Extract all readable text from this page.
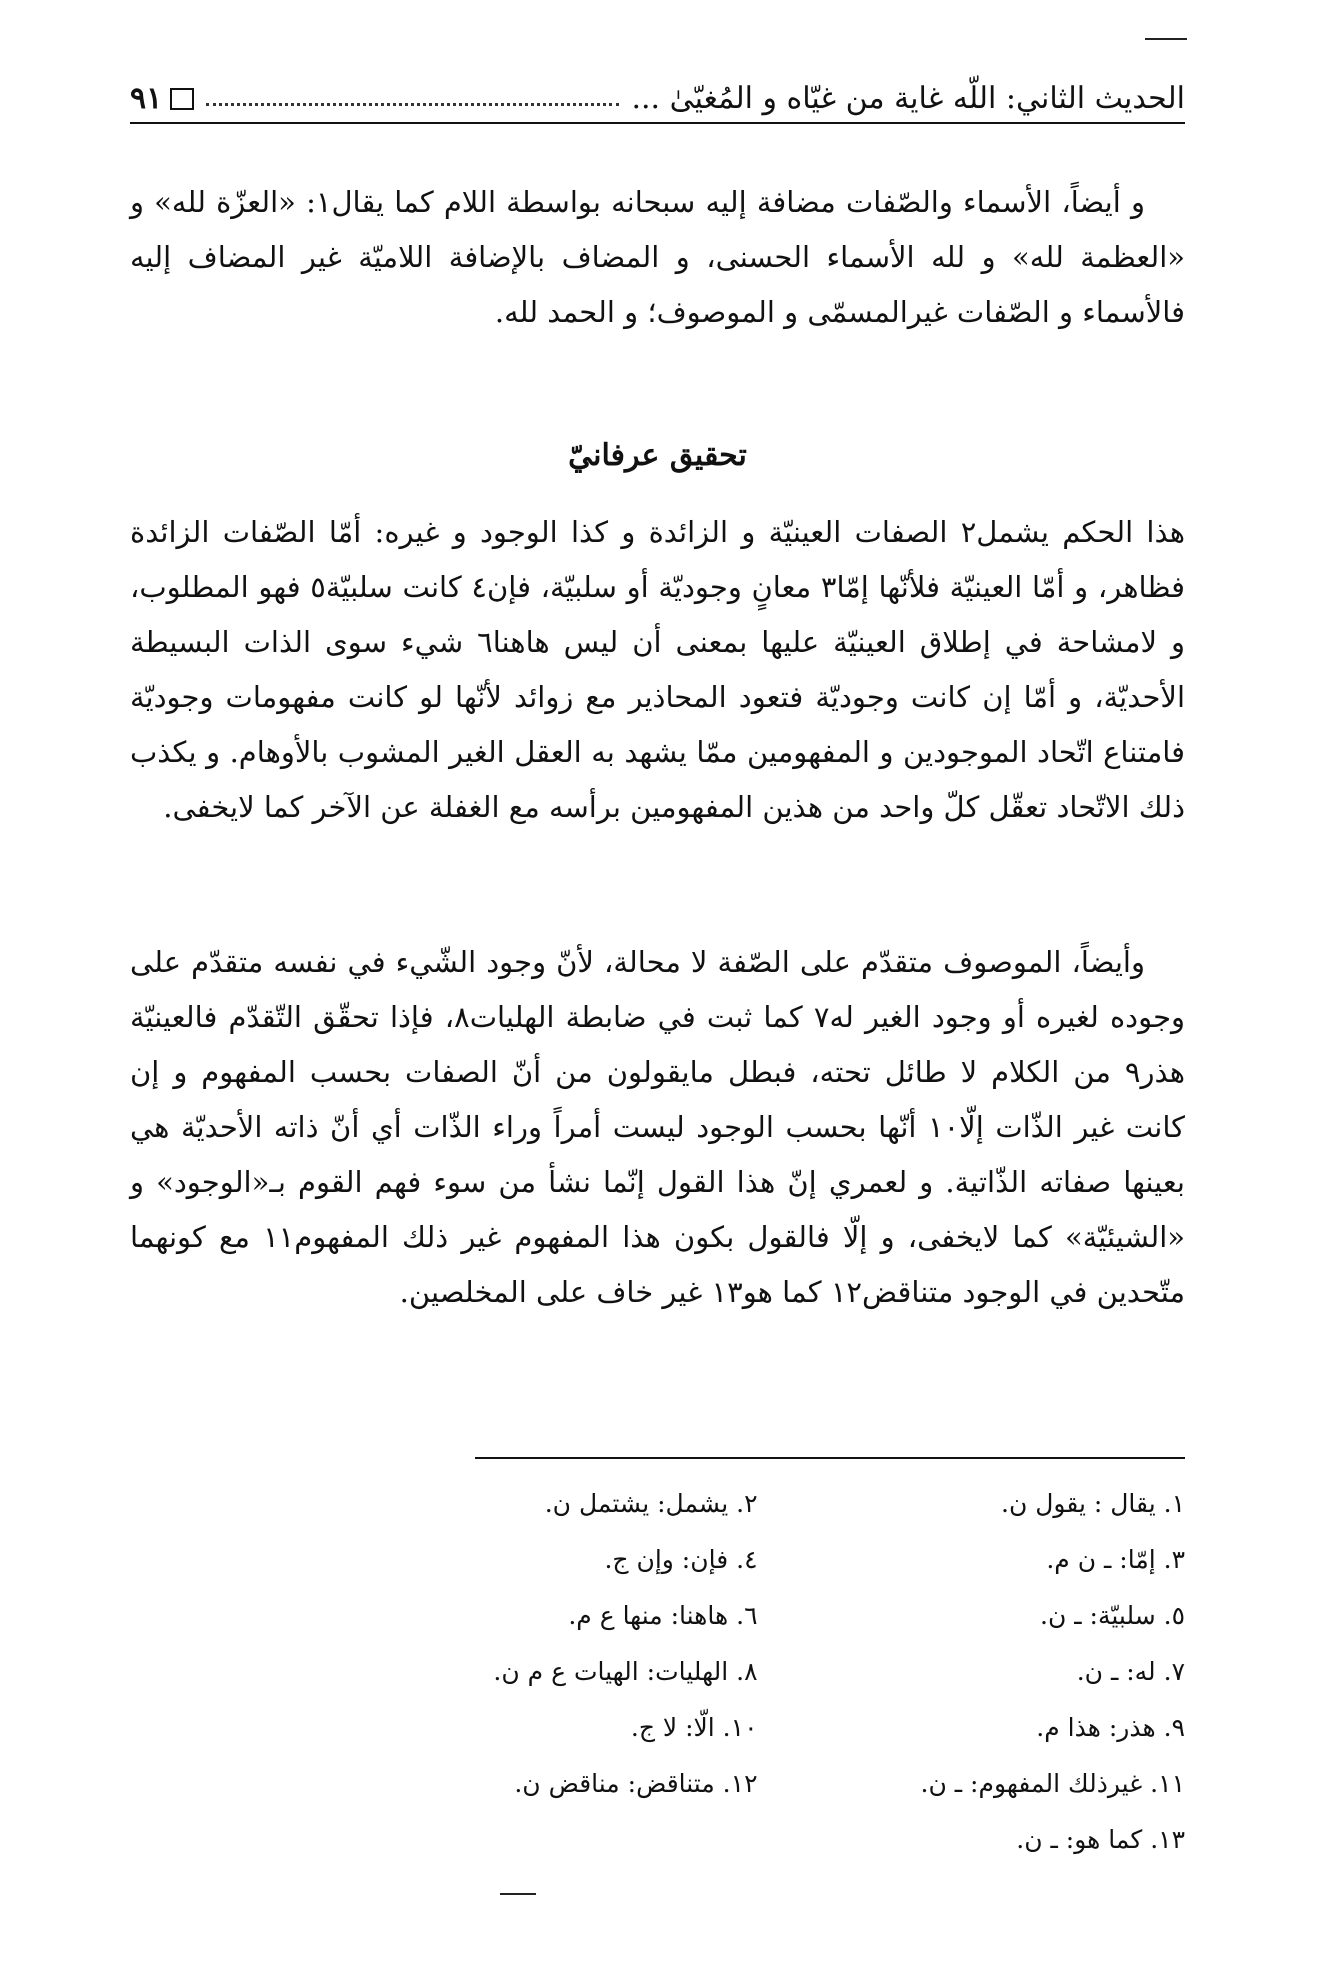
الحديث الثاني: اللّه غاية من غيّاه و المُغيّىٰ ...
٩١
و أيضاً، الأسماء والصّفات مضافة إليه سبحانه بواسطة اللام كما يقال١: «العزّة لله» و «العظمة لله» و لله الأسماء الحسنى، و المضاف بالإضافة اللاميّة غير المضاف إليه فالأسماء و الصّفات غيرالمسمّى و الموصوف؛ و الحمد لله.
تحقيق عرفانيّ
هذا الحكم يشمل٢ الصفات العينيّة و الزائدة و كذا الوجود و غيره: أمّا الصّفات الزائدة فظاهر، و أمّا العينيّة فلأنّها إمّا٣ معانٍ وجوديّة أو سلبيّة، فإن٤ كانت سلبيّة٥ فهو المطلوب، و لامشاحة في إطلاق العينيّة عليها بمعنى أن ليس هاهنا٦ شيء سوى الذات البسيطة الأحديّة، و أمّا إن كانت وجوديّة فتعود المحاذير مع زوائد لأنّها لو كانت مفهومات وجوديّة فامتناع اتّحاد الموجودين و المفهومين ممّا يشهد به العقل الغير المشوب بالأوهام. و يكذب ذلك الاتّحاد تعقّل كلّ واحد من هذين المفهومين برأسه مع الغفلة عن الآخر كما لايخفى.
وأيضاً، الموصوف متقدّم على الصّفة لا محالة، لأنّ وجود الشّيء في نفسه متقدّم على وجوده لغيره أو وجود الغير له٧ كما ثبت في ضابطة الهليات٨، فإذا تحقّق التّقدّم فالعينيّة هذر٩ من الكلام لا طائل تحته، فبطل مايقولون من أنّ الصفات بحسب المفهوم و إن كانت غير الذّات إلّا١٠ أنّها بحسب الوجود ليست أمراً وراء الذّات أي أنّ ذاته الأحديّة هي بعينها صفاته الذّاتية. و لعمري إنّ هذا القول إنّما نشأ من سوء فهم القوم بـ«الوجود» و «الشيئيّة» كما لايخفى، و إلّا فالقول بكون هذا المفهوم غير ذلك المفهوم١١ مع كونهما متّحدين في الوجود متناقض١٢ كما هو١٣ غير خاف على المخلصين.
١. يقال : يقول ن.
٢. يشمل: يشتمل ن.
٣. إمّا: ـ ن م.
٤. فإن: وإن ج.
٥. سلبيّة: ـ ن.
٦. هاهنا: منها ع م.
٧. له: ـ ن.
٨. الهليات: الهيات ع م ن.
٩. هذر: هذا م.
١٠. الّا: لا ج.
١١. غيرذلك المفهوم: ـ ن.
١٢. متناقض: مناقض ن.
١٣. كما هو: ـ ن.
